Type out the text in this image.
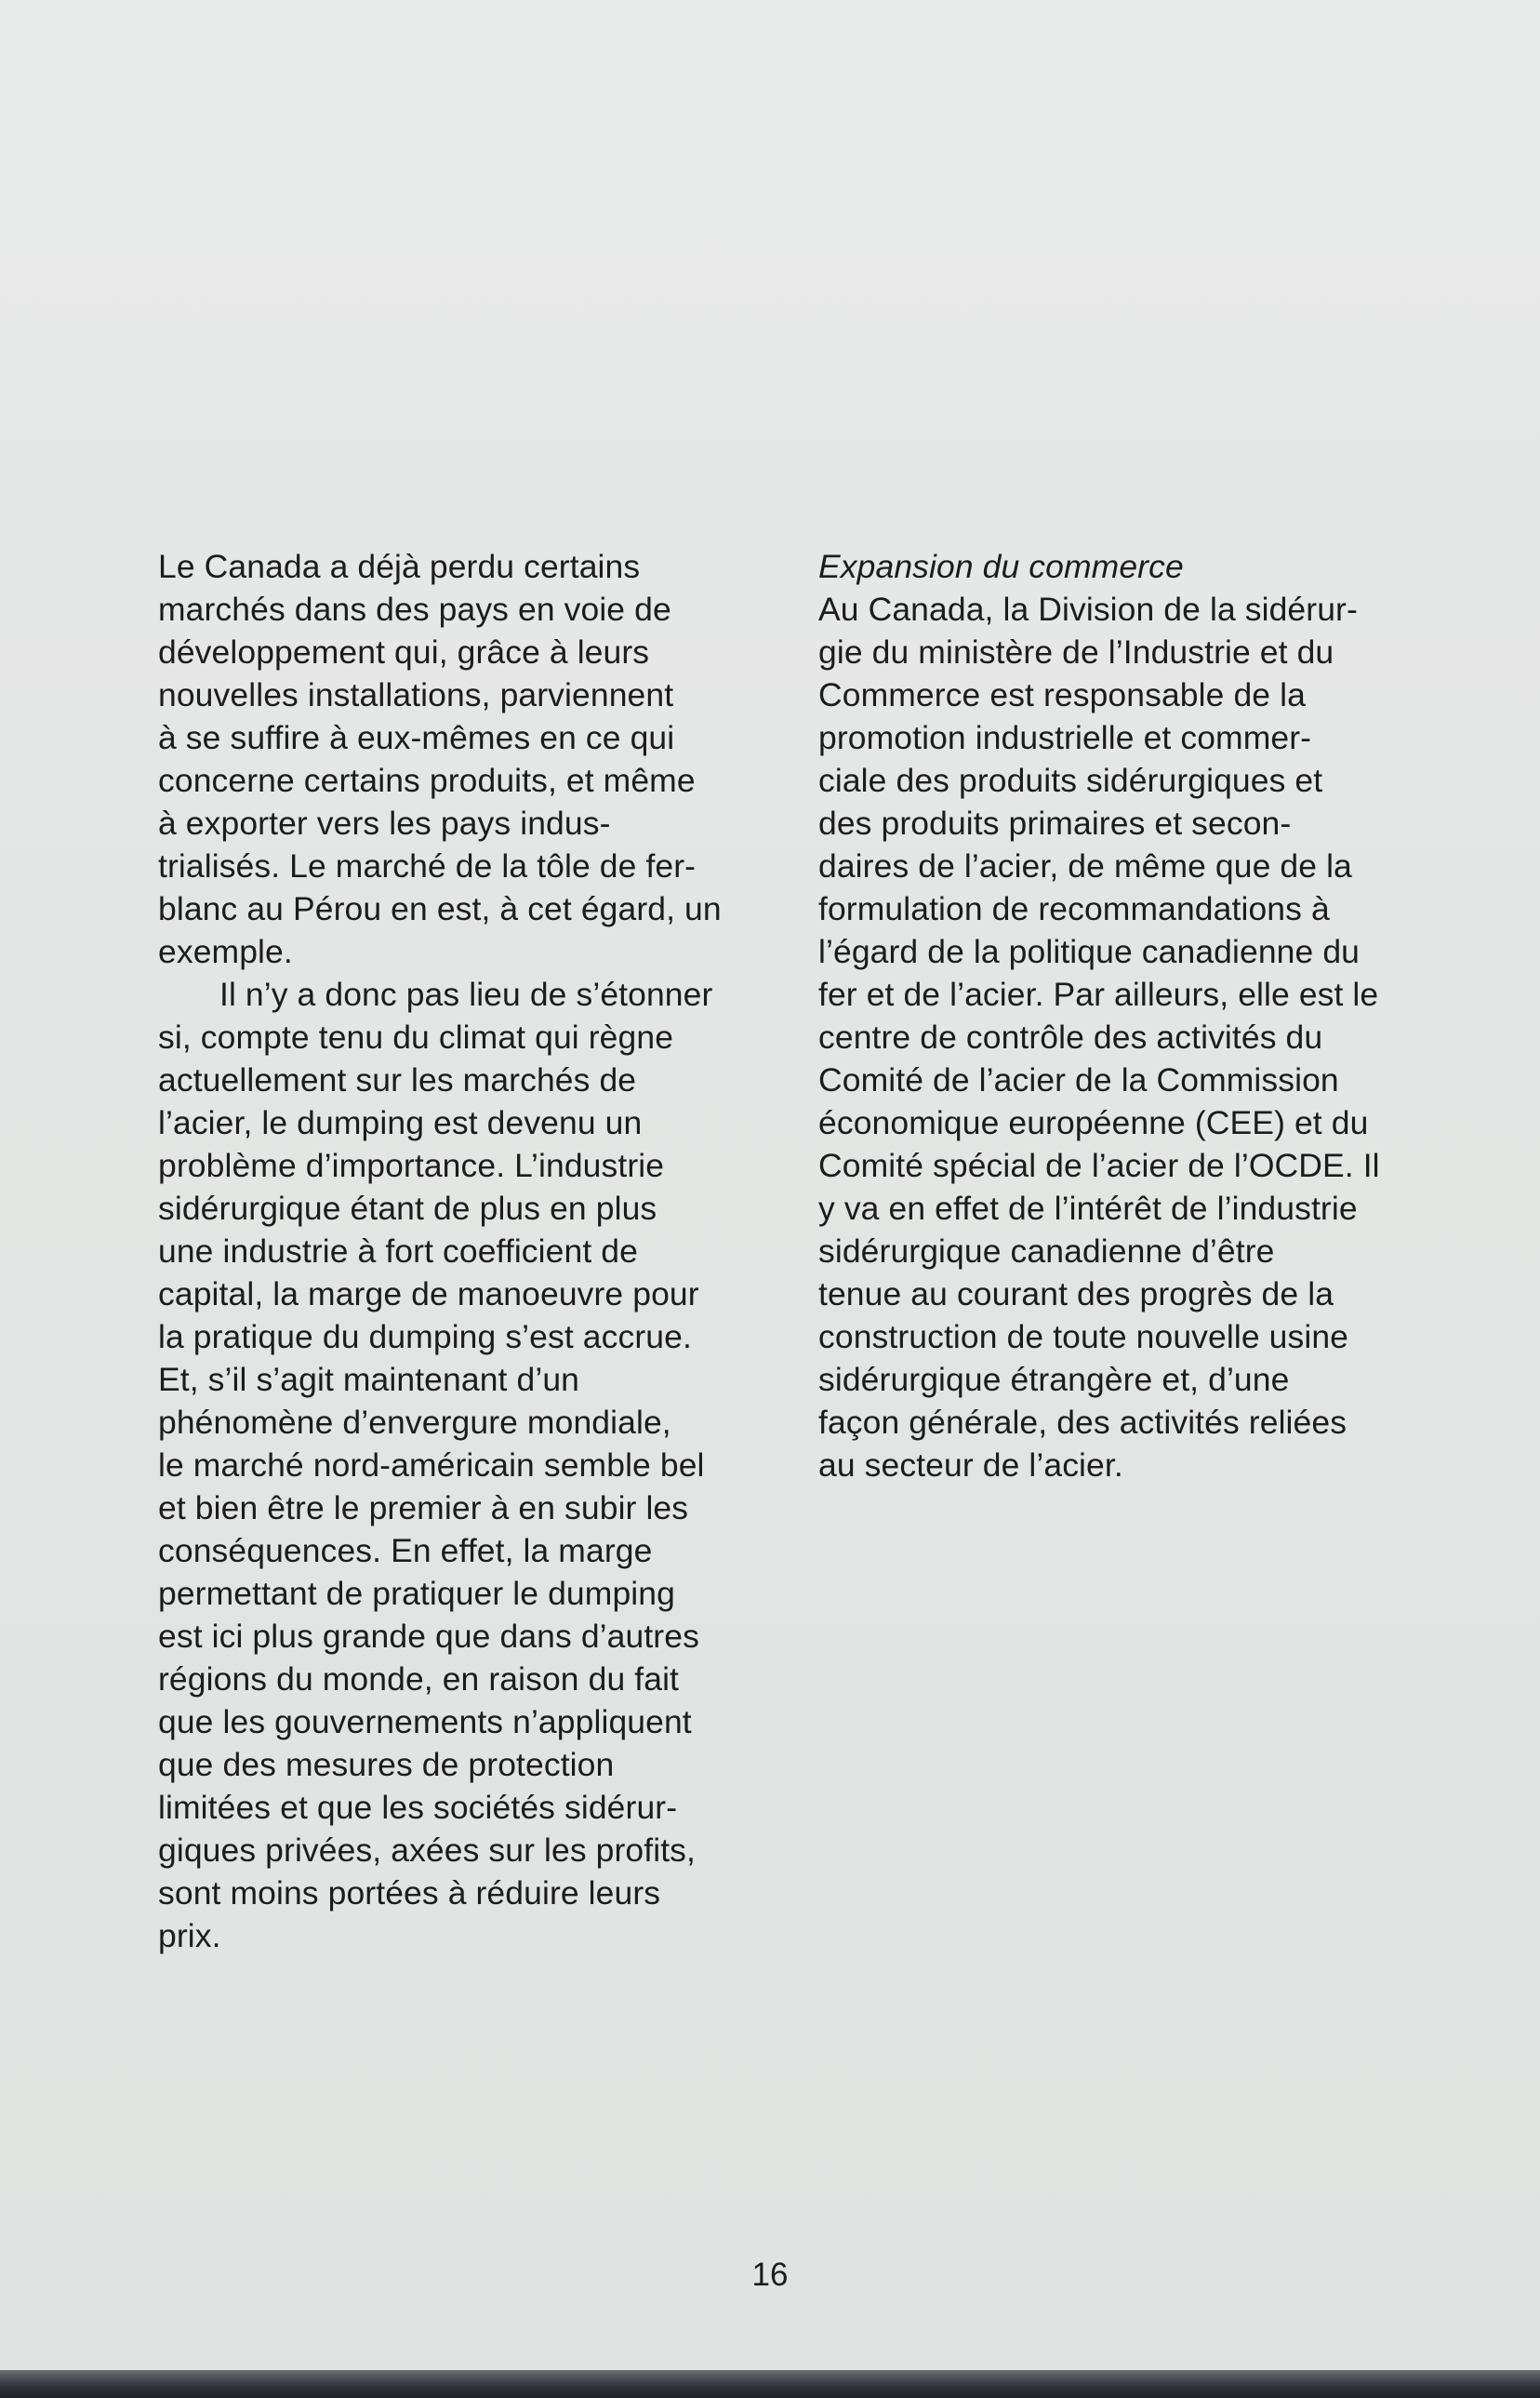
Le Canada a déjà perdu certains
marchés dans des pays en voie de
développement qui, grâce à leurs
nouvelles installations, parviennent
à se suffire à eux-mêmes en ce qui
concerne certains produits, et même
à exporter vers les pays indus-
trialisés. Le marché de la tôle de fer-
blanc au Pérou en est, à cet égard, un
exemple.
Il n’y a donc pas lieu de s’étonner
si, compte tenu du climat qui règne
actuellement sur les marchés de
l’acier, le dumping est devenu un
problème d’importance. L’industrie
sidérurgique étant de plus en plus
une industrie à fort coefficient de
capital, la marge de manoeuvre pour
la pratique du dumping s’est accrue.
Et, s’il s’agit maintenant d’un
phénomène d’envergure mondiale,
le marché nord-américain semble bel
et bien être le premier à en subir les
conséquences. En effet, la marge
permettant de pratiquer le dumping
est ici plus grande que dans d’autres
régions du monde, en raison du fait
que les gouvernements n’appliquent
que des mesures de protection
limitées et que les sociétés sidérur-
giques privées, axées sur les profits,
sont moins portées à réduire leurs
prix.
Expansion du commerce
Au Canada, la Division de la sidérur-
gie du ministère de l’Industrie et du
Commerce est responsable de la
promotion industrielle et commer-
ciale des produits sidérurgiques et
des produits primaires et secon-
daires de l’acier, de même que de la
formulation de recommandations à
l’égard de la politique canadienne du
fer et de l’acier. Par ailleurs, elle est le
centre de contrôle des activités du
Comité de l’acier de la Commission
économique européenne (CEE) et du
Comité spécial de l’acier de l’OCDE. Il
y va en effet de l’intérêt de l’industrie
sidérurgique canadienne d’être
tenue au courant des progrès de la
construction de toute nouvelle usine
sidérurgique étrangère et, d’une
façon générale, des activités reliées
au secteur de l’acier.
16
